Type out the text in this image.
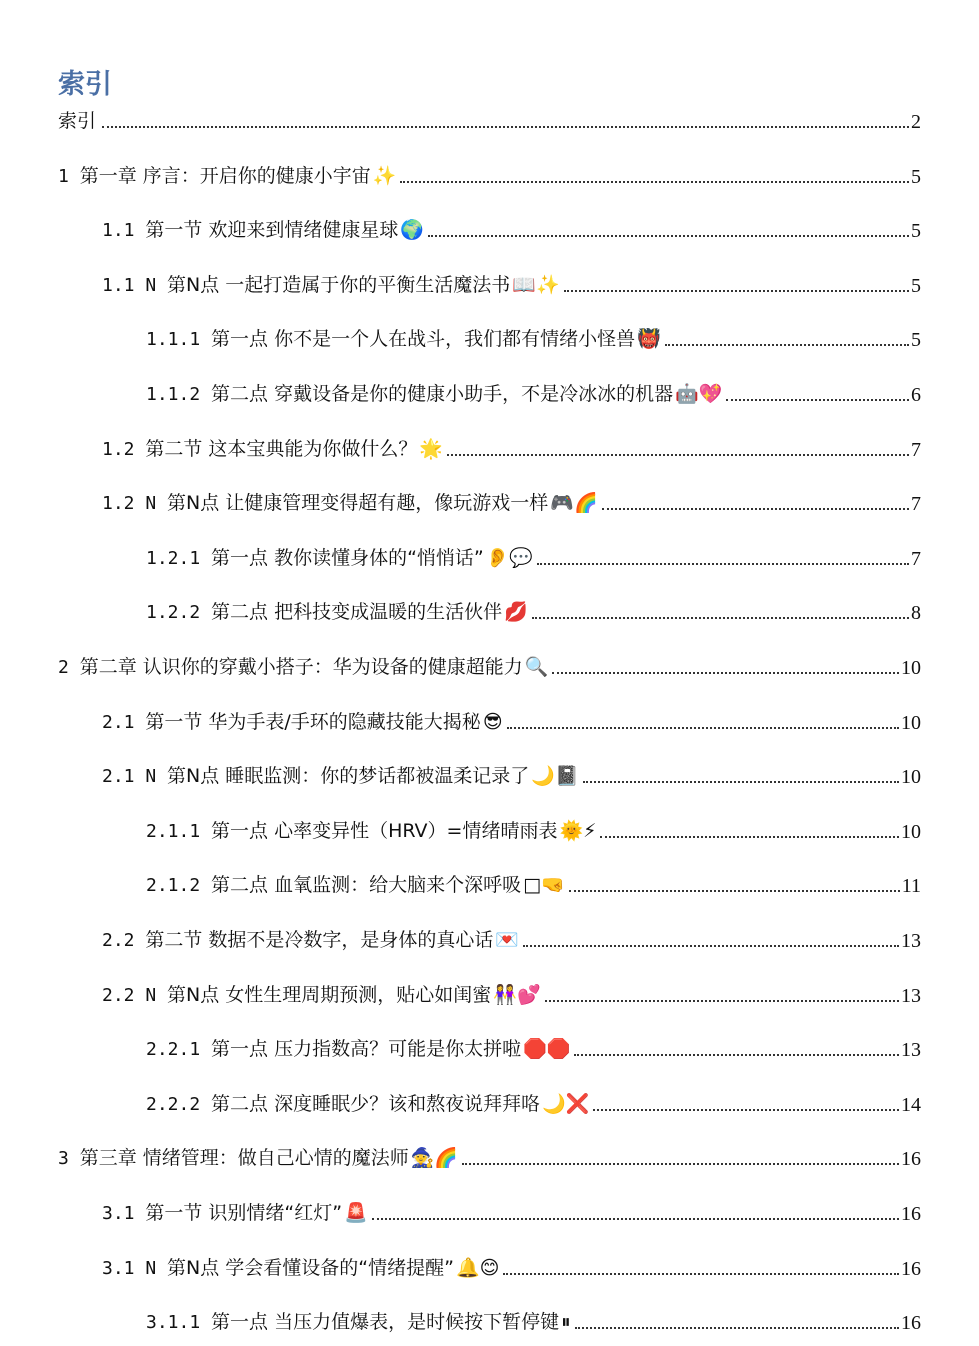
索引
索引	2
1 第一章 序言：开启你的健康小宇宙 ✨	5
1.1 第一节 欢迎来到情绪健康星球 🌍	5
1.1 N 第N点 一起打造属于你的平衡生活魔法书 📖✨	5
1.1.1 第一点 你不是一个人在战斗，我们都有情绪小怪兽 👹	5
1.1.2 第二点 穿戴设备是你的健康小助手，不是冷冰冰的机器 🤖💖	6
1.2 第二节 这本宝典能为你做什么？ 🌟	7
1.2 N 第N点 让健康管理变得超有趣，像玩游戏一样 🎮🌈	7
1.2.1 第一点 教你读懂身体的“悄悄话” 👂💬	7
1.2.2 第二点 把科技变成温暖的生活伙伴 💋	8
2 第二章 认识你的穿戴小搭子：华为设备的健康超能力 🔍	10
2.1 第一节 华为手表/手环的隐藏技能大揭秘 😎	10
2.1 N 第N点 睡眠监测：你的梦话都被温柔记录了 🌙📓	10
2.1.1 第一点 心率变异性（HRV）=情绪晴雨表 🌞⚡	10
2.1.2 第二点 血氧监测：给大脑来个深呼吸 □🤜	11
2.2 第二节 数据不是冷数字，是身体的真心话 💌	13
2.2 N 第N点 女性生理周期预测，贴心如闺蜜 👭💕	13
2.2.1 第一点 压力指数高？可能是你太拼啦 🛑🛑	13
2.2.2 第二点 深度睡眠少？该和熬夜说拜拜咯 🌙❌	14
3 第三章 情绪管理：做自己心情的魔法师 🧙🌈	16
3.1 第一节 识别情绪“红灯” 🚨	16
3.1 N 第N点 学会看懂设备的“情绪提醒” 🔔😊	16
3.1.1 第一点 当压力值爆表，是时候按下暂停键 ⏸	16
